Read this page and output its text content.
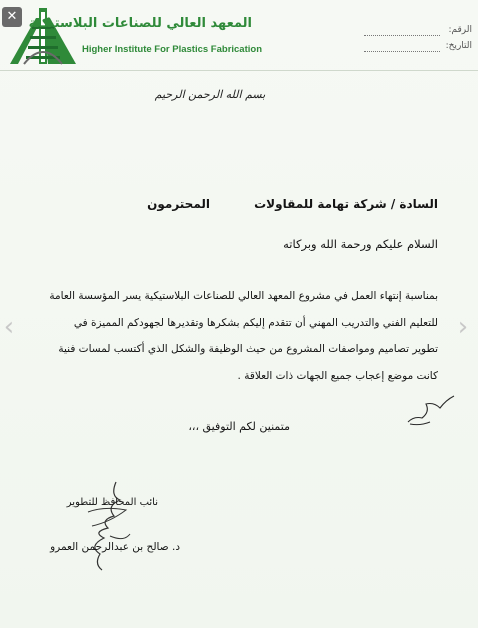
المعهد العالي للصناعات البلاستيكية
Higher Institute For Plastics Fabrication
الرقم:
التاريخ:
بسم الله الرحمن الرحيم
السادة / شركة تهامة للمقاولات
المحترمون
السلام عليكم ورحمة الله وبركاته
بمناسبة إنتهاء العمل في مشروع المعهد العالي للصناعات البلاستيكية يسر المؤسسة العامة
للتعليم الفني والتدريب المهني أن تتقدم إليكم بشكرها وتقديرها لجهودكم المميزة في
تطوير تصاميم ومواصفات المشروع من حيث الوظيفة والشكل الذي أكتسب لمسات فنية
كانت موضع إعجاب جميع الجهات ذات العلاقة .
متمنين لكم التوفيق ،،،
نائب المحافظ للتطوير
د. صالح بن عبدالرحمن العمرو
✕
‹	›
